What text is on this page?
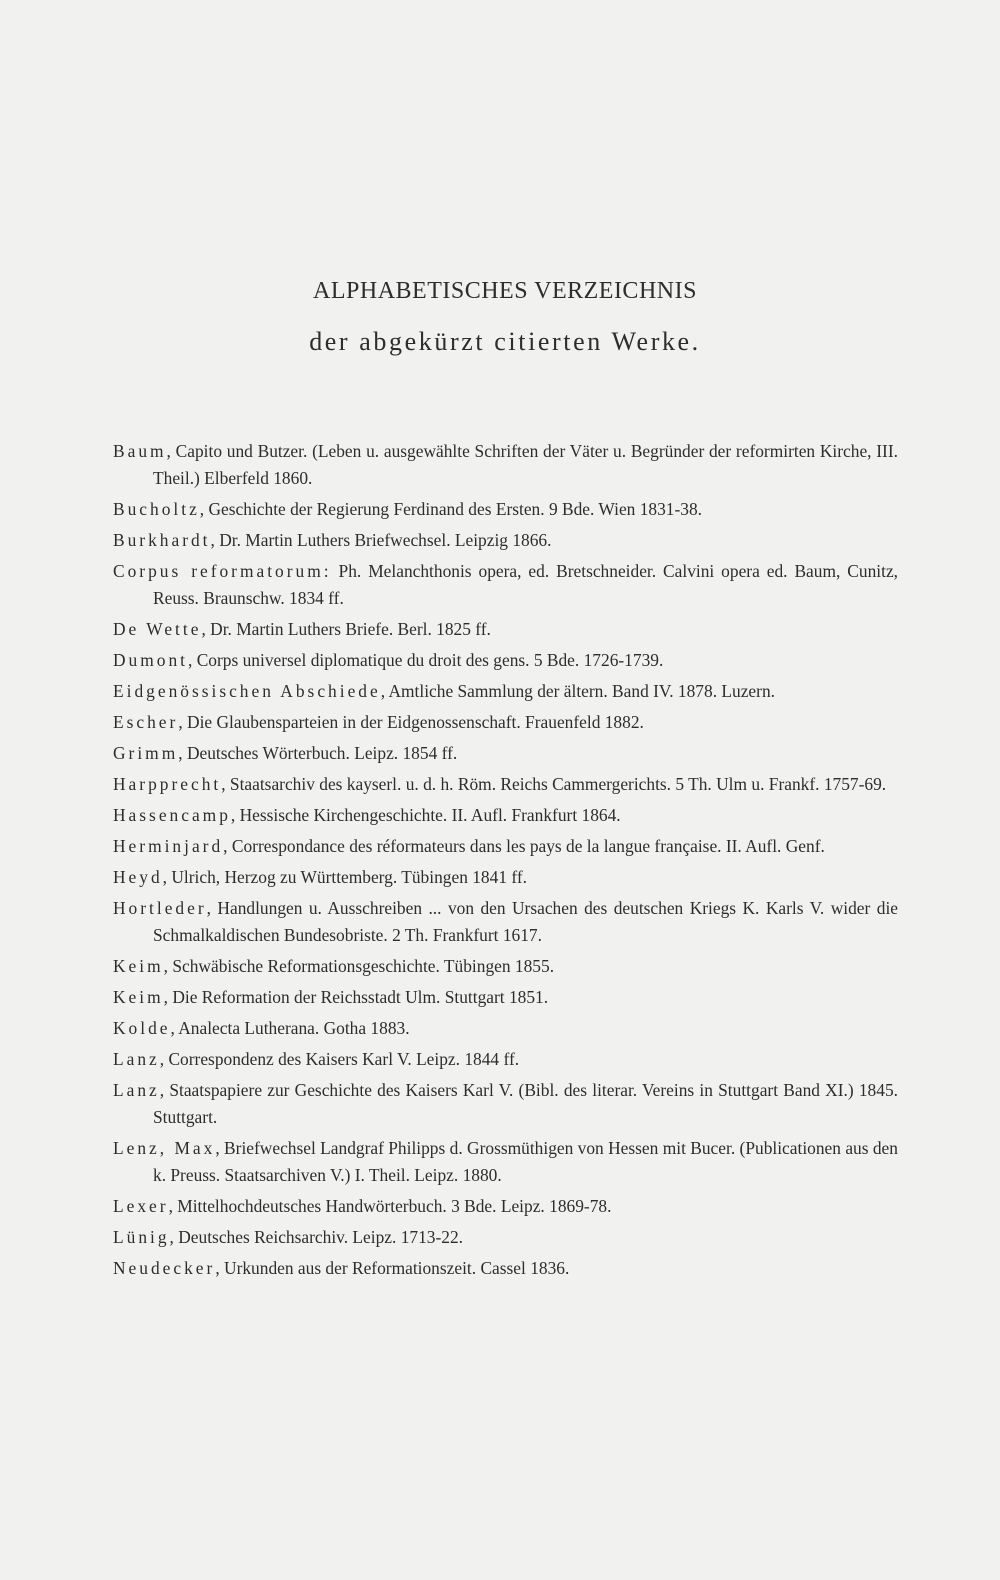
ALPHABETISCHES VERZEICHNIS
der abgekürzt citierten Werke.

Baum, Capito und Butzer. (Leben u. ausgewählte Schriften der Väter u. Begründer der reformirten Kirche, III. Theil.) Elberfeld 1860.

Bucholtz, Geschichte der Regierung Ferdinand des Ersten. 9 Bde. Wien 1831-38.

Burkhardt, Dr. Martin Luthers Briefwechsel. Leipzig 1866.

Corpus reformatorum: Ph. Melanchthonis opera, ed. Bretschneider. Calvini opera ed. Baum, Cunitz, Reuss. Braunschw. 1834 ff.

De Wette, Dr. Martin Luthers Briefe. Berl. 1825 ff.

Dumont, Corps universel diplomatique du droit des gens. 5 Bde. 1726-1739.

Eidgenössischen Abschiede, Amtliche Sammlung der ältern. Band IV. 1878. Luzern.

Escher, Die Glaubensparteien in der Eidgenossenschaft. Frauenfeld 1882.

Grimm, Deutsches Wörterbuch. Leipz. 1854 ff.

Harpprecht, Staatsarchiv des kayserl. u. d. h. Röm. Reichs Cammergerichts. 5 Th. Ulm u. Frankf. 1757-69.

Hassencamp, Hessische Kirchengeschichte. II. Aufl. Frankfurt 1864.

Herminjard, Correspondance des réformateurs dans les pays de la langue française. II. Aufl. Genf.

Heyd, Ulrich, Herzog zu Württemberg. Tübingen 1841 ff.

Hortleder, Handlungen u. Ausschreiben ... von den Ursachen des deutschen Kriegs K. Karls V. wider die Schmalkaldischen Bundesobriste. 2 Th. Frankfurt 1617.

Keim, Schwäbische Reformationsgeschichte. Tübingen 1855.

Keim, Die Reformation der Reichsstadt Ulm. Stuttgart 1851.

Kolde, Analecta Lutherana. Gotha 1883.

Lanz, Correspondenz des Kaisers Karl V. Leipz. 1844 ff.

Lanz, Staatspapiere zur Geschichte des Kaisers Karl V. (Bibl. des literar. Vereins in Stuttgart Band XI.) 1845. Stuttgart.

Lenz, Max, Briefwechsel Landgraf Philipps d. Grossmüthigen von Hessen mit Bucer. (Publicationen aus den k. Preuss. Staatsarchiven V.) I. Theil. Leipz. 1880.

Lexer, Mittelhochdeutsches Handwörterbuch. 3 Bde. Leipz. 1869-78.

Lünig, Deutsches Reichsarchiv. Leipz. 1713-22.

Neudecker, Urkunden aus der Reformationszeit. Cassel 1836.
